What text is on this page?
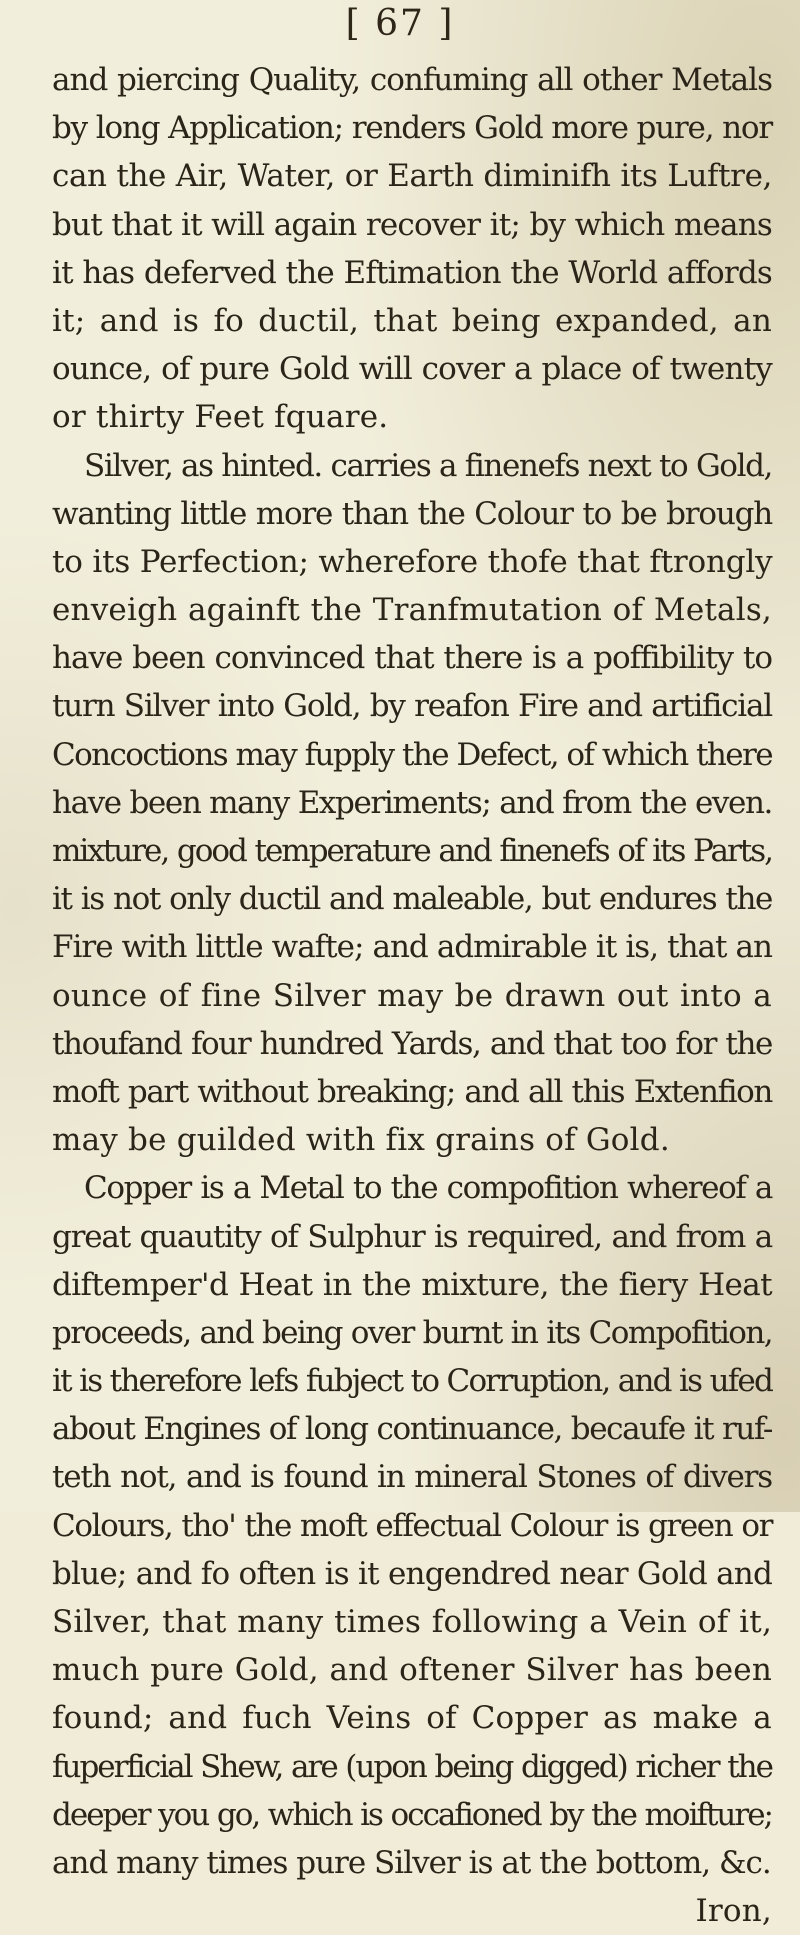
[ 67 ]
and piercing Quality, confuming all other Metals
by long Application; renders Gold more pure, nor
can the Air, Water, or Earth diminifh its Luftre,
but that it will again recover it; by which means
it has deferved the Eftimation the World affords
it; and is fo ductil, that being expanded, an
ounce, of pure Gold will cover a place of twenty
or thirty Feet fquare.
Silver, as hinted. carries a finenefs next to Gold,
wanting little more than the Colour to be brough
to its Perfection; wherefore thofe that ftrongly
enveigh againft the Tranfmutation of Metals,
have been convinced that there is a poffibility to
turn Silver into Gold, by reafon Fire and artificial
Concoctions may fupply the Defect, of which there
have been many Experiments; and from the even.
mixture, good temperature and finenefs of its Parts,
it is not only ductil and maleable, but endures the
Fire with little wafte; and admirable it is, that an
ounce of fine Silver may be drawn out into a
thoufand four hundred Yards, and that too for the
moft part without breaking; and all this Extenfion
may be guilded with fix grains of Gold.
Copper is a Metal to the compofition whereof a
great quautity of Sulphur is required, and from a
diftemper'd Heat in the mixture, the fiery Heat
proceeds, and being over burnt in its Compofition,
it is therefore lefs fubject to Corruption, and is ufed
about Engines of long continuance, becaufe it ruf-
teth not, and is found in mineral Stones of divers
Colours, tho' the moft effectual Colour is green or
blue; and fo often is it engendred near Gold and
Silver, that many times following a Vein of it,
much pure Gold, and oftener Silver has been
found; and fuch Veins of Copper as make a
fuperficial Shew, are (upon being digged) richer the
deeper you go, which is occafioned by the moifture;
and many times pure Silver is at the bottom, &c.
Iron,
